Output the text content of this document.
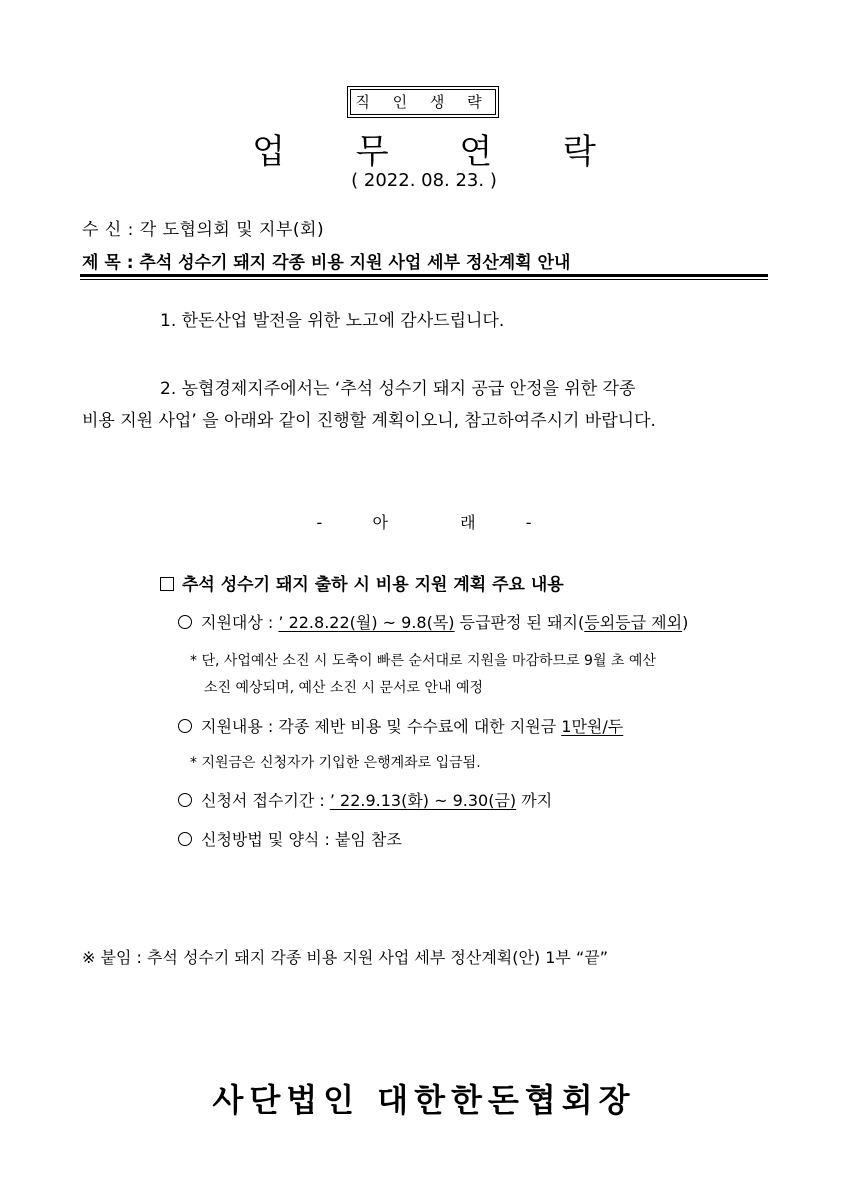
직 인 생 략
업 무 연 락
( 2022. 08. 23. )
수 신 : 각 도협의회 및 지부(회)
제 목 : 추석 성수기 돼지 각종 비용 지원 사업 세부 정산계획 안내
1. 한돈산업 발전을 위한 노고에 감사드립니다.
2. 농협경제지주에서는 ‘추석 성수기 돼지 공급 안정을 위한 각종
비용 지원 사업’ 을 아래와 같이 진행할 계획이오니, 참고하여주시기 바랍니다.
-	아	래	-
추석 성수기 돼지 출하 시 비용 지원 계획 주요 내용
지원대상 : ’ 22.8.22(월) ~ 9.8(목) 등급판정 된 돼지(등외등급 제외)
* 단, 사업예산 소진 시 도축이 빠른 순서대로 지원을 마감하므로 9월 초 예산
소진 예상되며, 예산 소진 시 문서로 안내 예정
지원내용 : 각종 제반 비용 및 수수료에 대한 지원금 1만원/두
* 지원금은 신청자가 기입한 은행계좌로 입금됨.
신청서 접수기간 : ’ 22.9.13(화) ~ 9.30(금) 까지
신청방법 및 양식 : 붙임 참조
※ 붙임 : 추석 성수기 돼지 각종 비용 지원 사업 세부 정산계획(안) 1부 “끝”
사단법인 대한한돈협회장
